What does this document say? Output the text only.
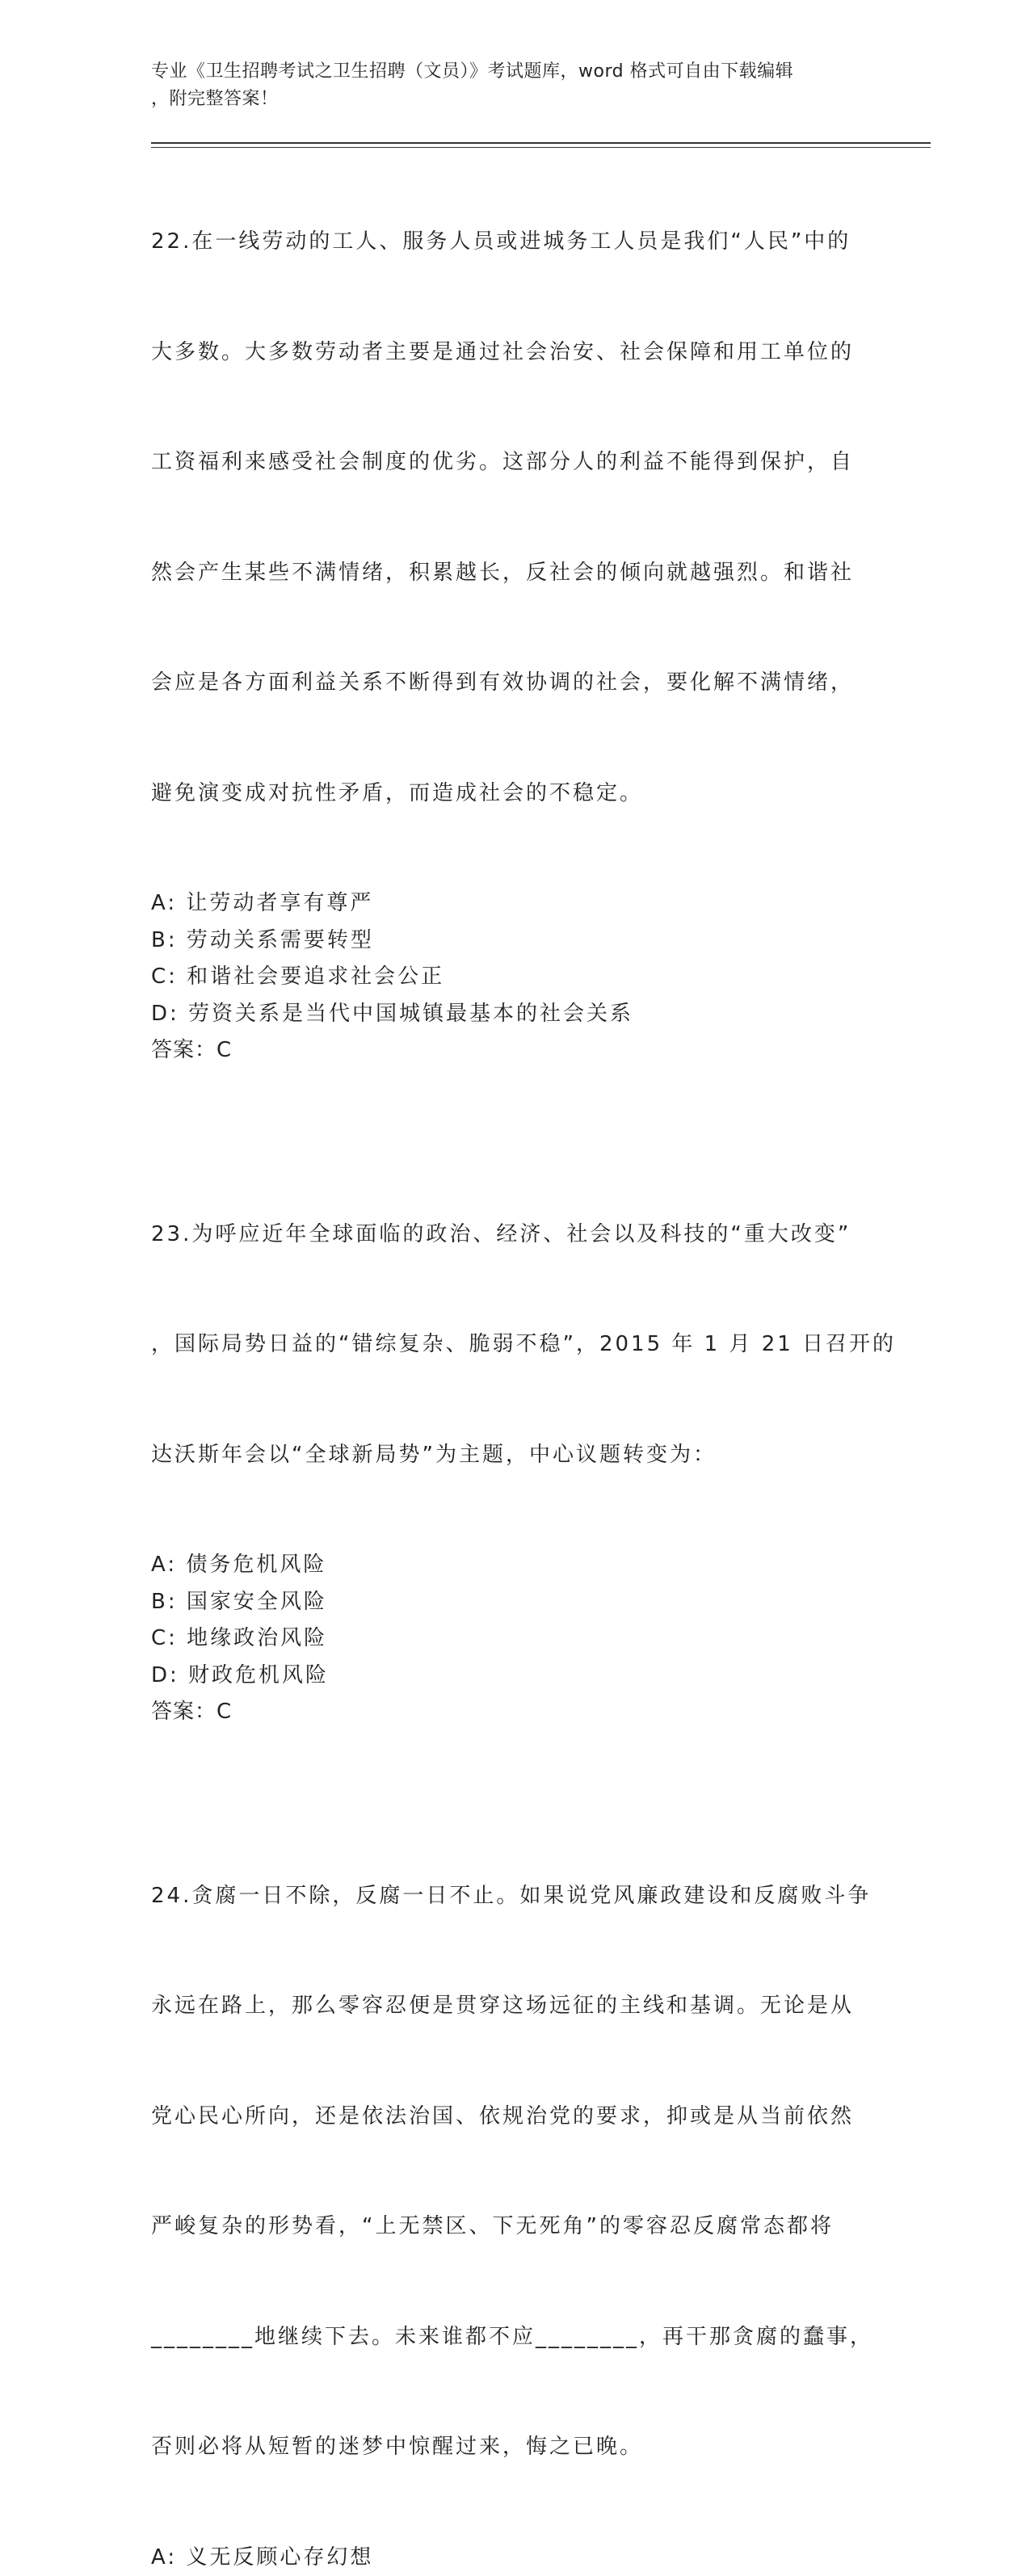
专业《卫生招聘考试之卫生招聘（文员）》考试题库，word 格式可自由下载编辑
，附完整答案！

22.在一线劳动的工人、服务人员或进城务工人员是我们“人民”中的

大多数。大多数劳动者主要是通过社会治安、社会保障和用工单位的

工资福利来感受社会制度的优劣。这部分人的利益不能得到保护，自

然会产生某些不满情绪，积累越长，反社会的倾向就越强烈。和谐社

会应是各方面利益关系不断得到有效协调的社会，要化解不满情绪，

避免演变成对抗性矛盾，而造成社会的不稳定。

A: 让劳动者享有尊严
B: 劳动关系需要转型
C: 和谐社会要追求社会公正
D: 劳资关系是当代中国城镇最基本的社会关系
答案：C

23.为呼应近年全球面临的政治、经济、社会以及科技的“重大改变”

，国际局势日益的“错综复杂、脆弱不稳”，2015 年 1 月 21 日召开的

达沃斯年会以“全球新局势”为主题，中心议题转变为：

A: 债务危机风险
B: 国家安全风险
C: 地缘政治风险
D: 财政危机风险
答案：C

24.贪腐一日不除，反腐一日不止。如果说党风廉政建设和反腐败斗争

永远在路上，那么零容忍便是贯穿这场远征的主线和基调。无论是从

党心民心所向，还是依法治国、依规治党的要求，抑或是从当前依然

严峻复杂的形势看，“上无禁区、下无死角”的零容忍反腐常态都将

________地继续下去。未来谁都不应________，再干那贪腐的蠢事，

否则必将从短暂的迷梦中惊醒过来，悔之已晚。

A: 义无反顾心存幻想
